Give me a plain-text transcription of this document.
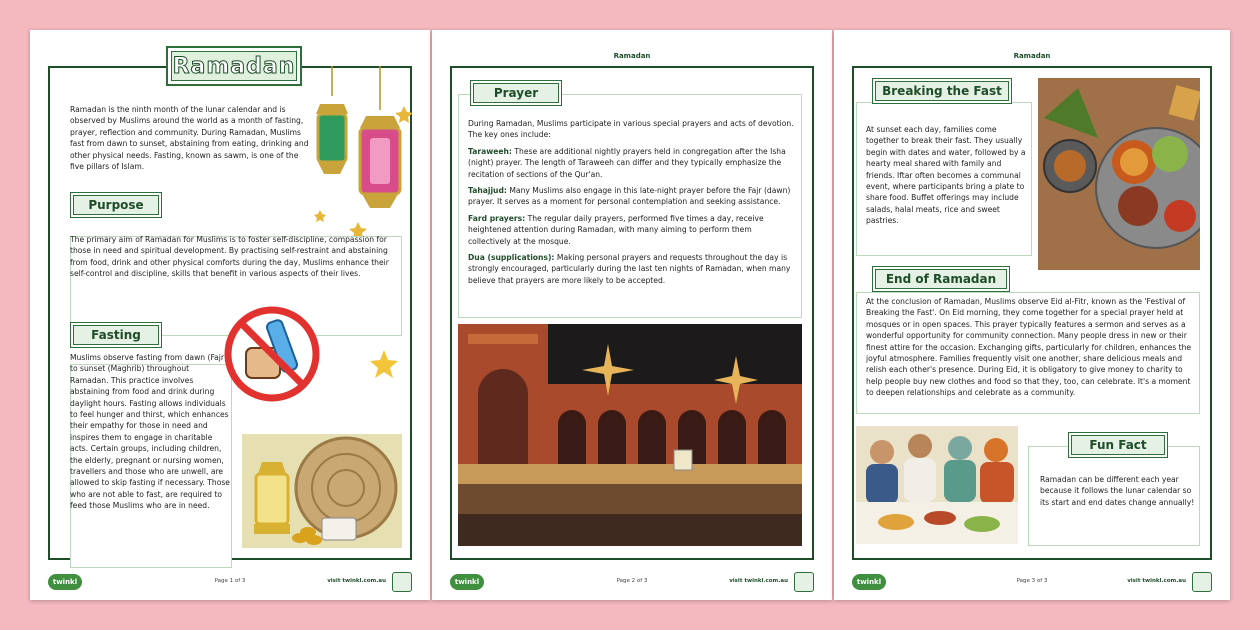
Ramadan
Ramadan is the ninth month of the lunar calendar and is observed by Muslims around the world as a month of fasting, prayer, reflection and community. During Ramadan, Muslims fast from dawn to sunset, abstaining from eating, drinking and other physical needs. Fasting, known as sawm, is one of the five pillars of Islam.
Purpose
The primary aim of Ramadan for Muslims is to foster self-discipline, compassion for those in need and spiritual development. By practising self-restraint and abstaining from food, drink and other physical comforts during the day, Muslims enhance their self-control and discipline, skills that benefit in various aspects of their lives.
Fasting
Muslims observe fasting from dawn (Fajr) to sunset (Maghrib) throughout Ramadan. This practice involves abstaining from food and drink during daylight hours. Fasting allows individuals to feel hunger and thirst, which enhances their empathy for those in need and inspires them to engage in charitable acts. Certain groups, including children, the elderly, pregnant or nursing women, travellers and those who are unwell, are allowed to skip fasting if necessary. Those who are not able to fast, are required to feed those Muslims who are in need.
twinkl	Page 1 of 3	visit twinkl.com.au
Ramadan
Prayer

During Ramadan, Muslims participate in various special prayers and acts of devotion. The key ones include:

Taraweeh: These are additional nightly prayers held in congregation after the Isha (night) prayer. The length of Taraweeh can differ and they typically emphasize the recitation of sections of the Qur'an.

Tahajjud: Many Muslims also engage in this late-night prayer before the Fajr (dawn) prayer. It serves as a moment for personal contemplation and seeking assistance.

Fard prayers: The regular daily prayers, performed five times a day, receive heightened attention during Ramadan, with many aiming to perform them collectively at the mosque.

Dua (supplications): Making personal prayers and requests throughout the day is strongly encouraged, particularly during the last ten nights of Ramadan, when many believe that prayers are more likely to be accepted.

twinkl	Page 2 of 3	visit twinkl.com.au
Ramadan
Breaking the Fast
At sunset each day, families come together to break their fast. They usually begin with dates and water, followed by a hearty meal shared with family and friends. Iftar often becomes a communal event, where participants bring a plate to share food. Buffet offerings may include salads, halal meats, rice and sweet pastries.
End of Ramadan
At the conclusion of Ramadan, Muslims observe Eid al-Fitr, known as the 'Festival of Breaking the Fast'. On Eid morning, they come together for a special prayer held at mosques or in open spaces. This prayer typically features a sermon and serves as a wonderful opportunity for community connection. Many people dress in new or their finest attire for the occasion. Exchanging gifts, particularly for children, enhances the joyful atmosphere. Families frequently visit one another, share delicious meals and relish each other's presence. During Eid, it is obligatory to give money to charity to help people buy new clothes and food so that they, too, can celebrate. It's a moment to deepen relationships and celebrate as a community.
Fun Fact
Ramadan can be different each year because it follows the lunar calendar so its start and end dates change annually!
twinkl	Page 3 of 3	visit twinkl.com.au
